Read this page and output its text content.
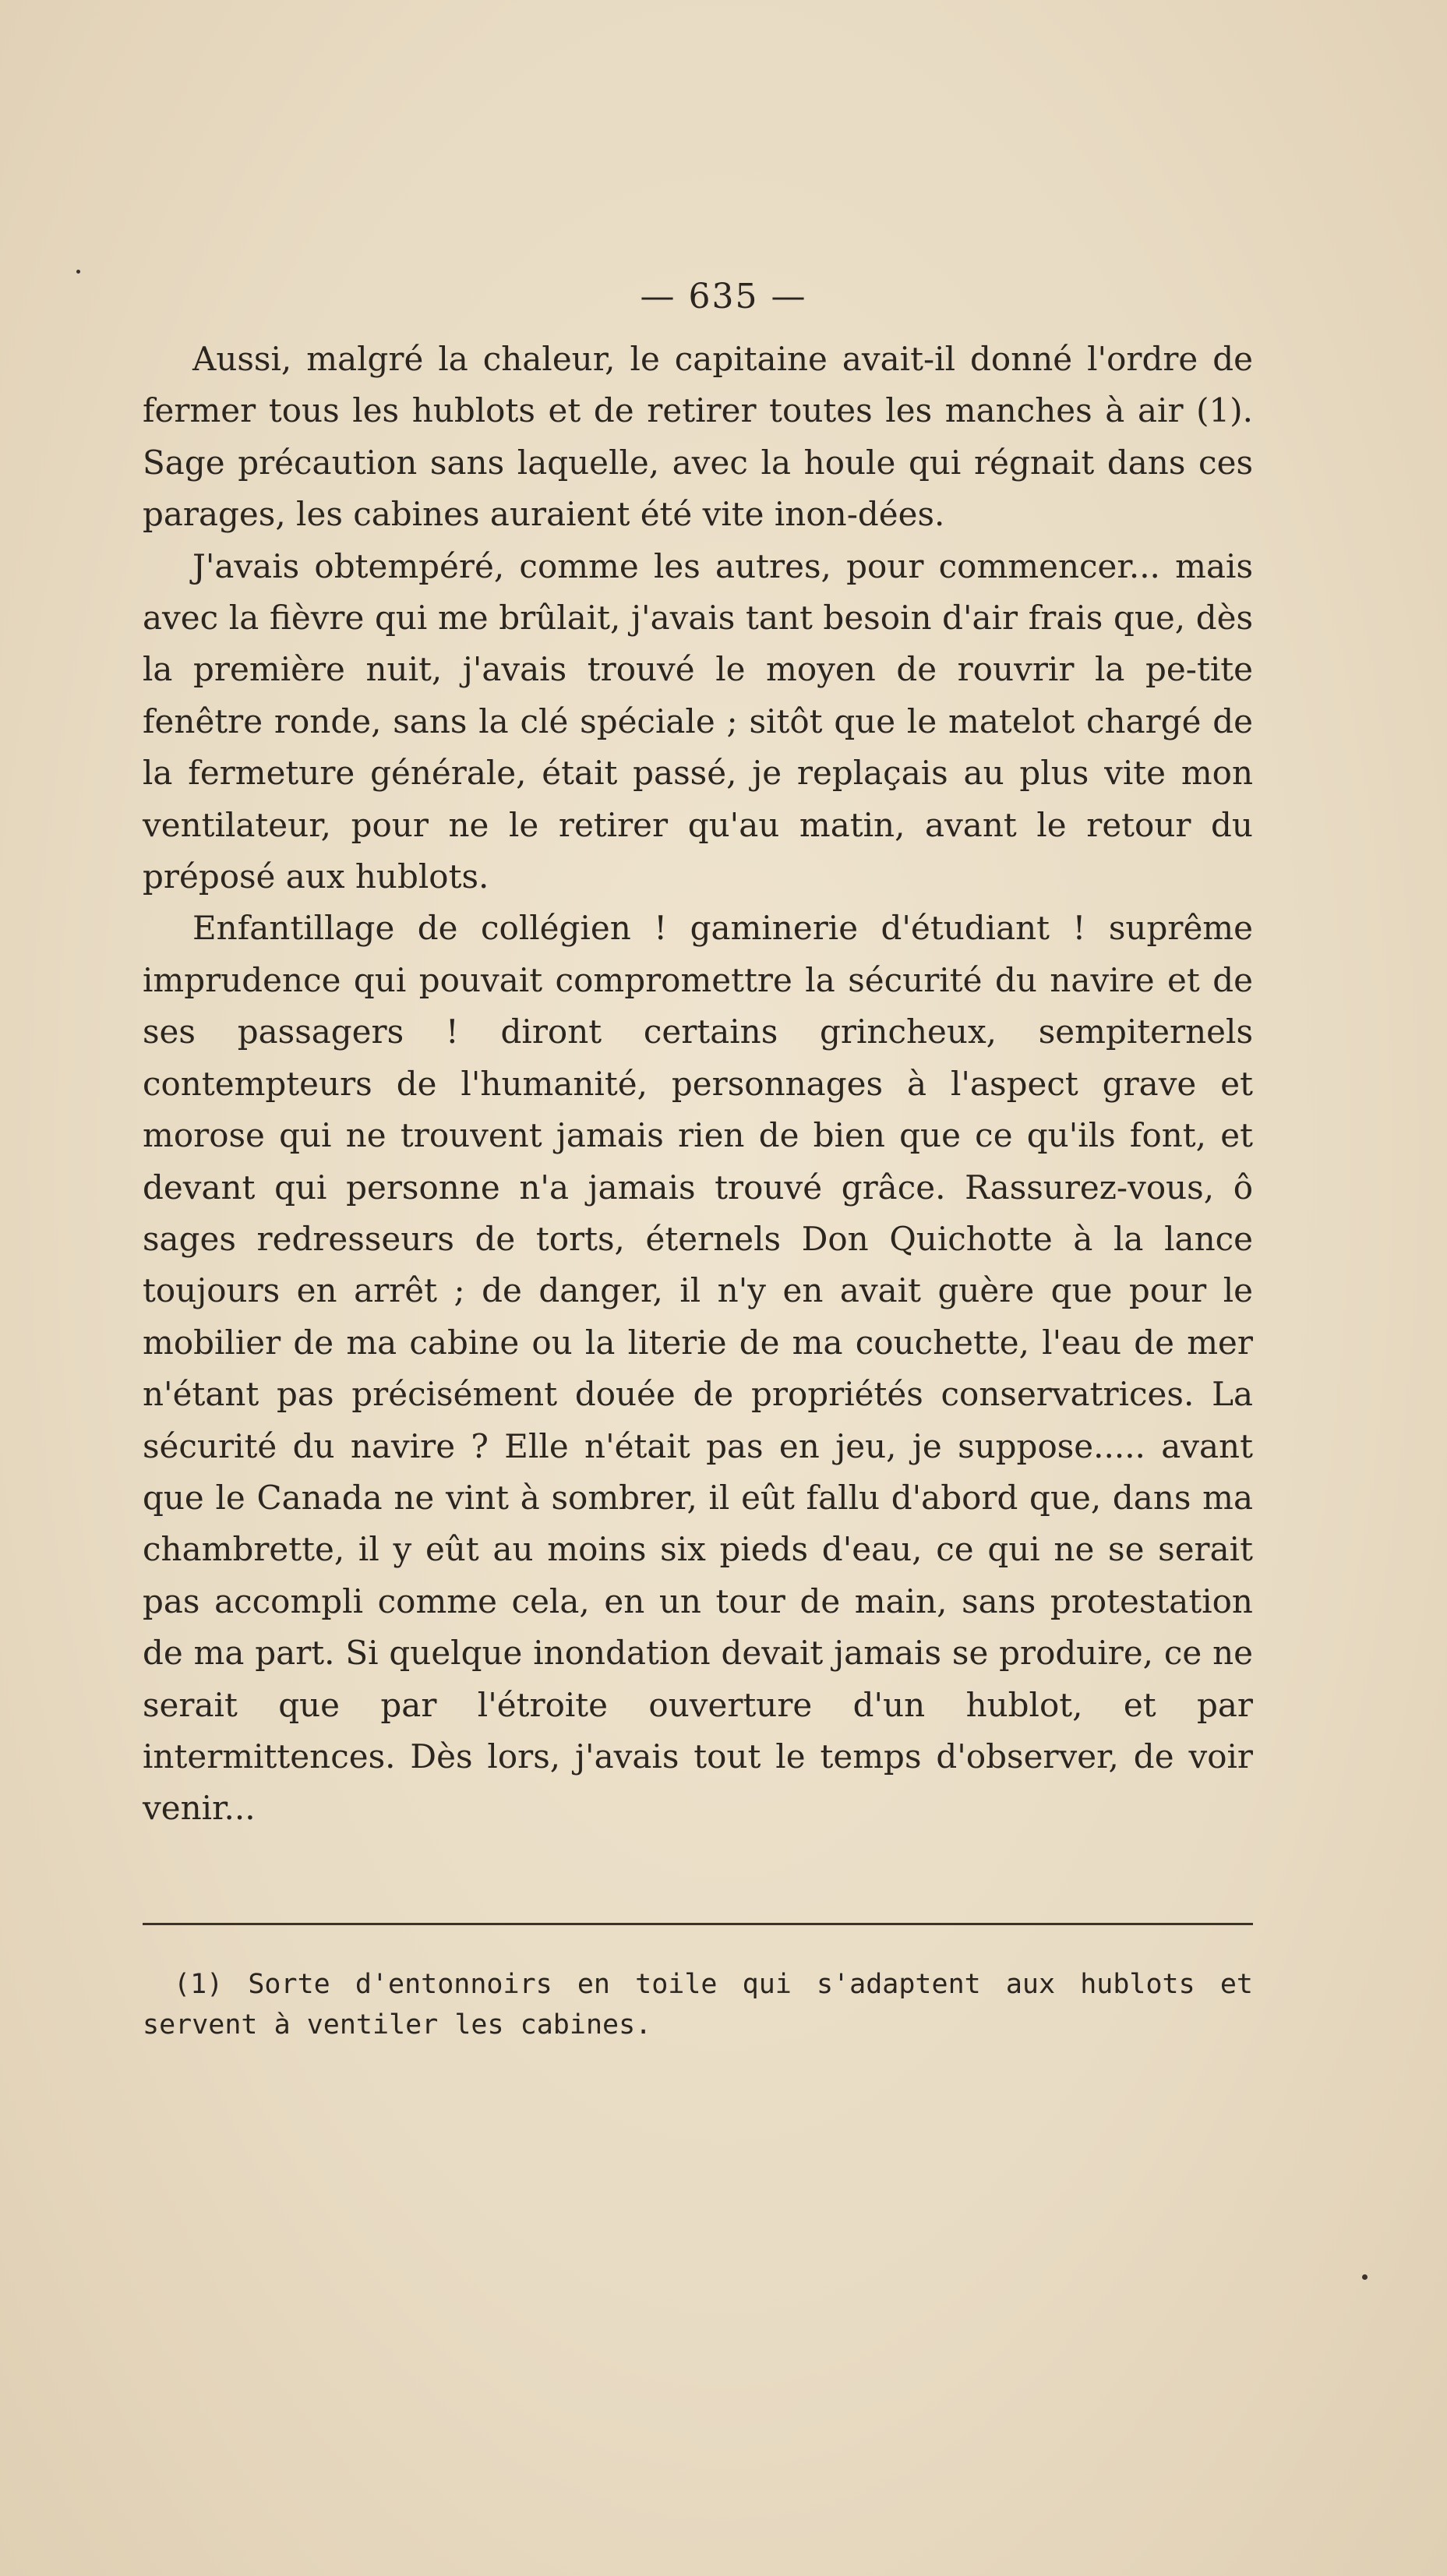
— 635 —

Aussi, malgré la chaleur, le capitaine avait-il donné l'ordre de fermer tous les hublots et de retirer toutes les manches à air (1). Sage précaution sans laquelle, avec la houle qui régnait dans ces parages, les cabines auraient été vite inon-dées.

J'avais obtempéré, comme les autres, pour commencer... mais avec la fièvre qui me brûlait, j'avais tant besoin d'air frais que, dès la première nuit, j'avais trouvé le moyen de rouvrir la pe-tite fenêtre ronde, sans la clé spéciale ; sitôt que le matelot chargé de la fermeture générale, était passé, je replaçais au plus vite mon ventilateur, pour ne le retirer qu'au matin, avant le retour du préposé aux hublots.

Enfantillage de collégien ! gaminerie d'étudiant ! suprême imprudence qui pouvait compromettre la sécurité du navire et de ses passagers ! diront certains grincheux, sempiternels contempteurs de l'humanité, personnages à l'aspect grave et morose qui ne trouvent jamais rien de bien que ce qu'ils font, et devant qui personne n'a jamais trouvé grâce. Rassurez-vous, ô sages redresseurs de torts, éternels Don Quichotte à la lance toujours en arrêt ; de danger, il n'y en avait guère que pour le mobilier de ma cabine ou la literie de ma couchette, l'eau de mer n'étant pas précisément douée de propriétés conservatrices. La sécurité du navire ? Elle n'était pas en jeu, je suppose..... avant que le Canada ne vint à sombrer, il eût fallu d'abord que, dans ma chambrette, il y eût au moins six pieds d'eau, ce qui ne se serait pas accompli comme cela, en un tour de main, sans protestation de ma part. Si quelque inondation devait jamais se produire, ce ne serait que par l'étroite ouverture d'un hublot, et par intermittences. Dès lors, j'avais tout le temps d'observer, de voir venir...

(1) Sorte d'entonnoirs en toile qui s'adaptent aux hublots et servent à ventiler les cabines.
